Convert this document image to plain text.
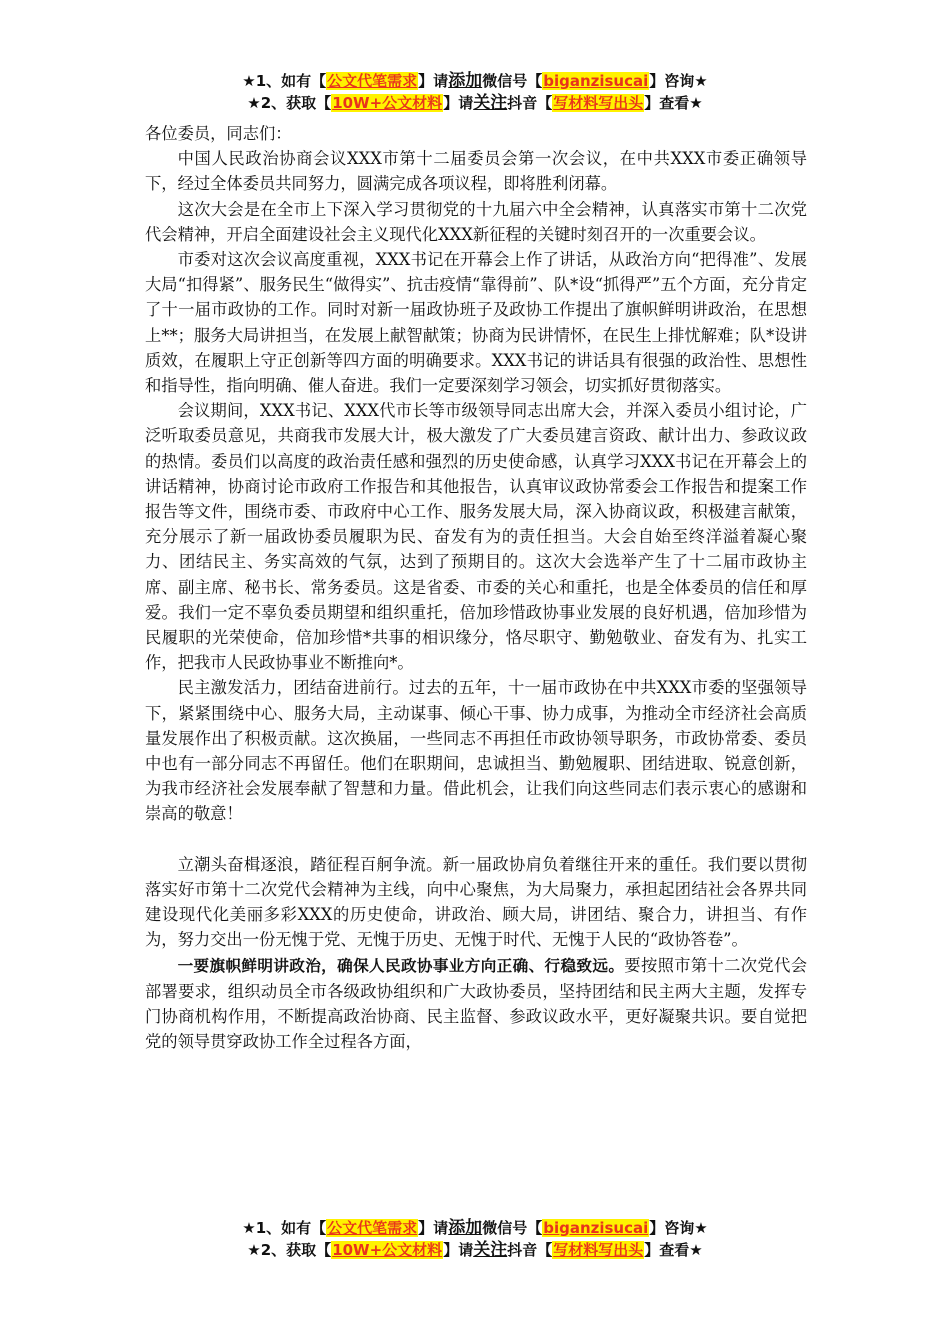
★1、如有【公文代笔需求】请添加微信号【biganzisucai】咨询★
★2、获取【10W+公文材料】请关注抖音【写材料写出头】查看★

各位委员，同志们：

中国人民政治协商会议XXX市第十二届委员会第一次会议，在中共XXX市委正确领导下，经过全体委员共同努力，圆满完成各项议程，即将胜利闭幕。

这次大会是在全市上下深入学习贯彻党的十九届六中全会精神，认真落实市第十二次党代会精神，开启全面建设社会主义现代化XXX新征程的关键时刻召开的一次重要会议。

市委对这次会议高度重视，XXX书记在开幕会上作了讲话，从政治方向“把得准”、发展大局“扣得紧”、服务民生“做得实”、抗击疫情“靠得前”、队*设“抓得严”五个方面，充分肯定了十一届市政协的工作。同时对新一届政协班子及政协工作提出了旗帜鲜明讲政治，在思想上**；服务大局讲担当，在发展上献智献策；协商为民讲情怀，在民生上排忧解难；队*设讲质效，在履职上守正创新等四方面的明确要求。XXX书记的讲话具有很强的政治性、思想性和指导性，指向明确、催人奋进。我们一定要深刻学习领会，切实抓好贯彻落实。

会议期间，XXX书记、XXX代市长等市级领导同志出席大会，并深入委员小组讨论，广泛听取委员意见，共商我市发展大计，极大激发了广大委员建言资政、献计出力、参政议政的热情。委员们以高度的政治责任感和强烈的历史使命感，认真学习XXX书记在开幕会上的讲话精神，协商讨论市政府工作报告和其他报告，认真审议政协常委会工作报告和提案工作报告等文件，围绕市委、市政府中心工作、服务发展大局，深入协商议政，积极建言献策，充分展示了新一届政协委员履职为民、奋发有为的责任担当。大会自始至终洋溢着凝心聚力、团结民主、务实高效的气氛，达到了预期目的。这次大会选举产生了十二届市政协主席、副主席、秘书长、常务委员。这是省委、市委的关心和重托，也是全体委员的信任和厚爱。我们一定不辜负委员期望和组织重托，倍加珍惜政协事业发展的良好机遇，倍加珍惜为民履职的光荣使命，倍加珍惜*共事的相识缘分，恪尽职守、勤勉敬业、奋发有为、扎实工作，把我市人民政协事业不断推向*。

民主激发活力，团结奋进前行。过去的五年，十一届市政协在中共XXX市委的坚强领导下，紧紧围绕中心、服务大局，主动谋事、倾心干事、协力成事，为推动全市经济社会高质量发展作出了积极贡献。这次换届，一些同志不再担任市政协领导职务，市政协常委、委员中也有一部分同志不再留任。他们在职期间，忠诚担当、勤勉履职、团结进取、锐意创新，为我市经济社会发展奉献了智慧和力量。借此机会，让我们向这些同志们表示衷心的感谢和崇高的敬意！

立潮头奋楫逐浪，踏征程百舸争流。新一届政协肩负着继往开来的重任。我们要以贯彻落实好市第十二次党代会精神为主线，向中心聚焦，为大局聚力，承担起团结社会各界共同建设现代化美丽多彩XXX的历史使命，讲政治、顾大局，讲团结、聚合力，讲担当、有作为，努力交出一份无愧于党、无愧于历史、无愧于时代、无愧于人民的“政协答卷”。

一要旗帜鲜明讲政治，确保人民政协事业方向正确、行稳致远。要按照市第十二次党代会部署要求，组织动员全市各级政协组织和广大政协委员，坚持团结和民主两大主题，发挥专门协商机构作用，不断提高政治协商、民主监督、参政议政水平，更好凝聚共识。要自觉把党的领导贯穿政协工作全过程各方面，

★1、如有【公文代笔需求】请添加微信号【biganzisucai】咨询★
★2、获取【10W+公文材料】请关注抖音【写材料写出头】查看★
